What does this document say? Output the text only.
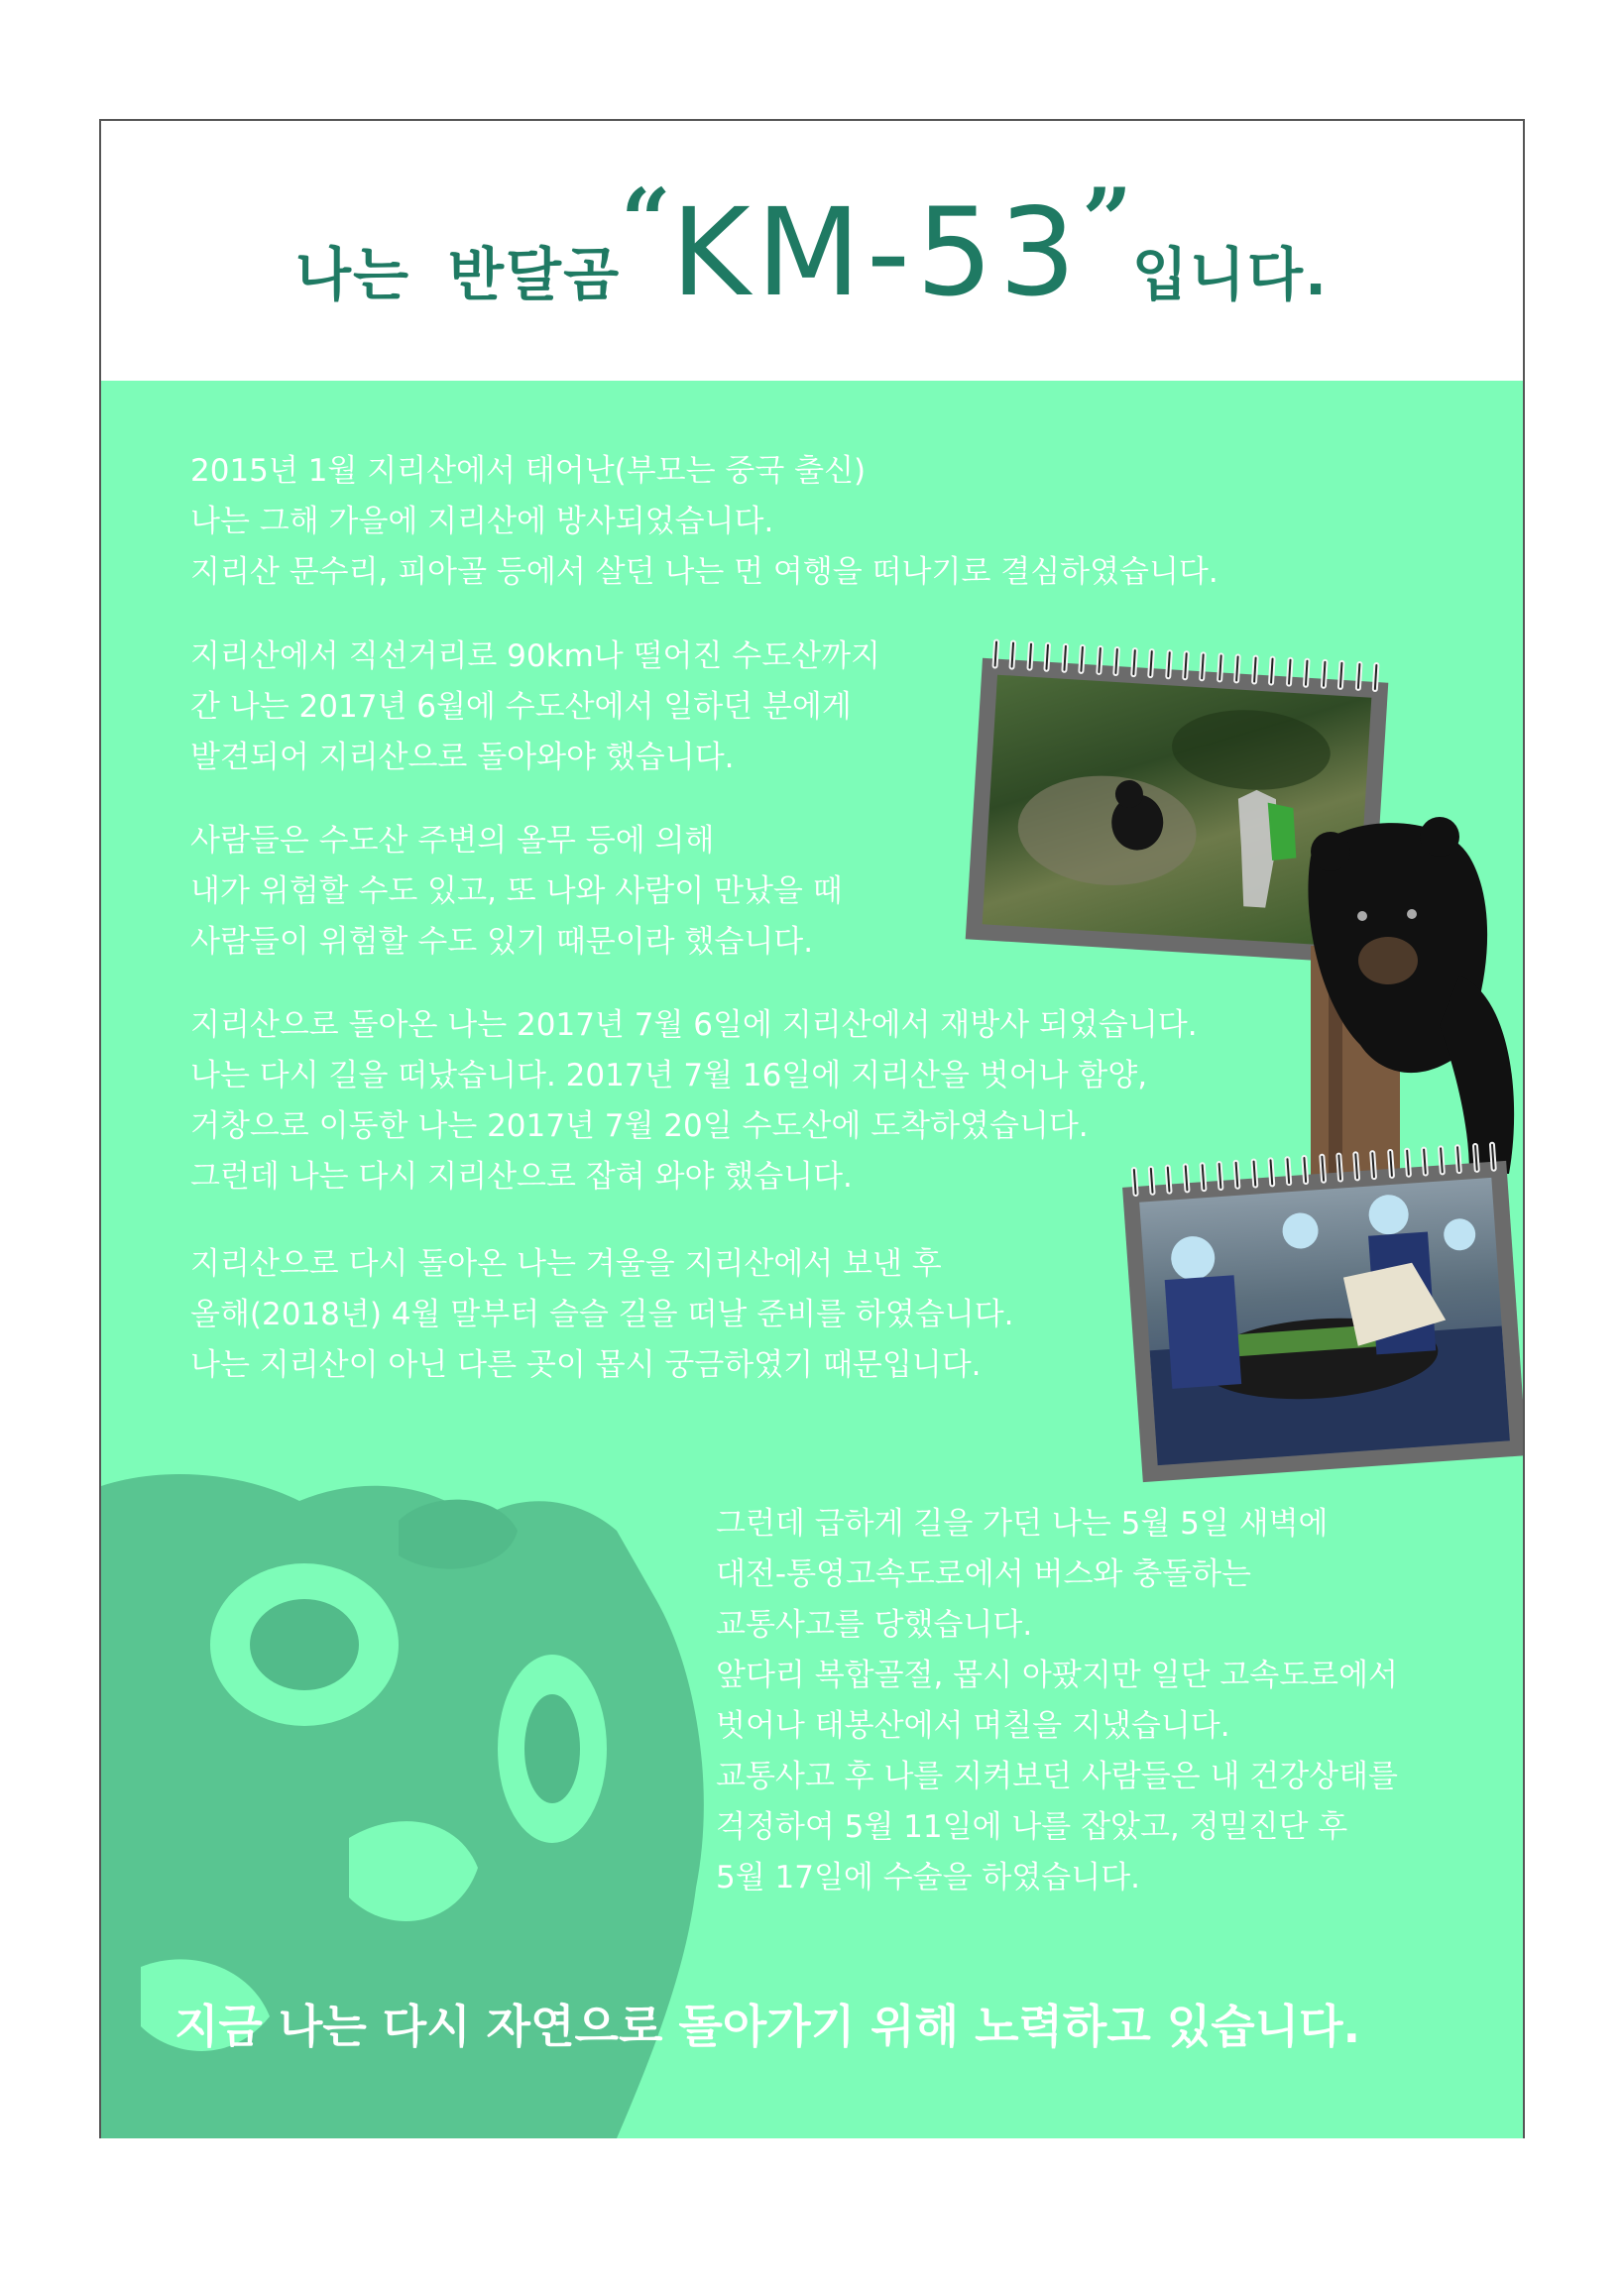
나는 반달곰“KM-53”입니다.
2015년 1월 지리산에서 태어난(부모는 중국 출신)
나는 그해 가을에 지리산에 방사되었습니다.
지리산 문수리, 피아골 등에서 살던 나는 먼 여행을 떠나기로 결심하였습니다.
지리산에서 직선거리로 90km나 떨어진 수도산까지
간 나는 2017년 6월에 수도산에서 일하던 분에게
발견되어 지리산으로 돌아와야 했습니다.
사람들은 수도산 주변의 올무 등에 의해
내가 위험할 수도 있고, 또 나와 사람이 만났을 때
사람들이 위험할 수도 있기 때문이라 했습니다.
지리산으로 돌아온 나는 2017년 7월 6일에 지리산에서 재방사 되었습니다.
나는 다시 길을 떠났습니다. 2017년 7월 16일에 지리산을 벗어나 함양,
거창으로 이동한 나는 2017년 7월 20일 수도산에 도착하였습니다.
그런데 나는 다시 지리산으로 잡혀 와야 했습니다.
지리산으로 다시 돌아온 나는 겨울을 지리산에서 보낸 후
올해(2018년) 4월 말부터 슬슬 길을 떠날 준비를 하였습니다.
나는 지리산이 아닌 다른 곳이 몹시 궁금하였기 때문입니다.
그런데 급하게 길을 가던 나는 5월 5일 새벽에
대전-통영고속도로에서 버스와 충돌하는
교통사고를 당했습니다.
앞다리 복합골절, 몹시 아팠지만 일단 고속도로에서
벗어나 태봉산에서 며칠을 지냈습니다.
교통사고 후 나를 지켜보던 사람들은 내 건강상태를
걱정하여 5월 11일에 나를 잡았고, 정밀진단 후
5월 17일에 수술을 하였습니다.
지금 나는 다시 자연으로 돌아가기 위해 노력하고 있습니다.
